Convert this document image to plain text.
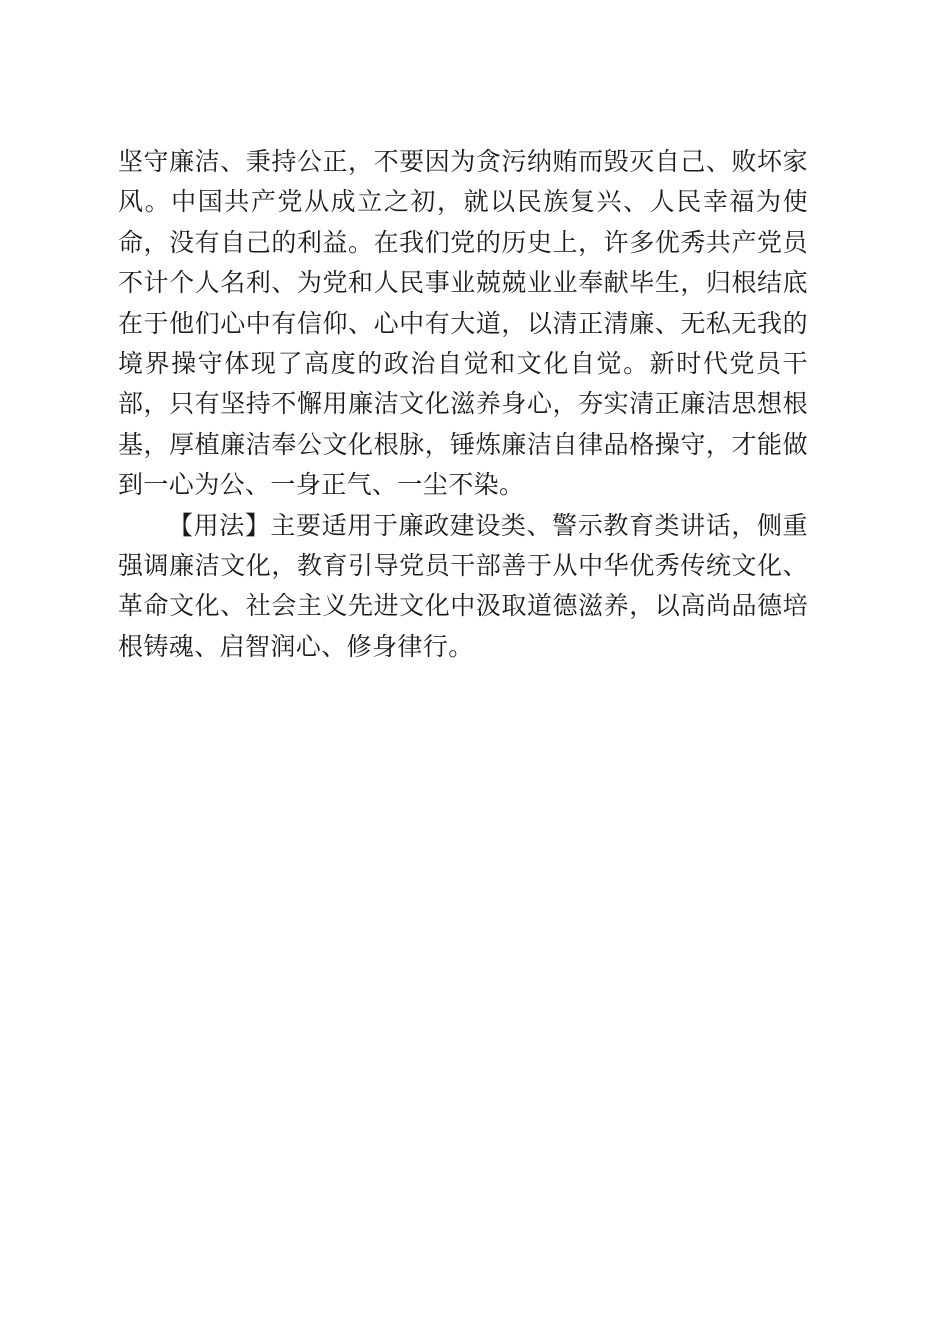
坚守廉洁、秉持公正，不要因为贪污纳贿而毁灭自己、败坏家
风。中国共产党从成立之初，就以民族复兴、人民幸福为使
命，没有自己的利益。在我们党的历史上，许多优秀共产党员
不计个人名利、为党和人民事业兢兢业业奉献毕生，归根结底
在于他们心中有信仰、心中有大道，以清正清廉、无私无我的
境界操守体现了高度的政治自觉和文化自觉。新时代党员干
部，只有坚持不懈用廉洁文化滋养身心，夯实清正廉洁思想根
基，厚植廉洁奉公文化根脉，锤炼廉洁自律品格操守，才能做
到一心为公、一身正气、一尘不染。
【用法】主要适用于廉政建设类、警示教育类讲话，侧重
强调廉洁文化，教育引导党员干部善于从中华优秀传统文化、
革命文化、社会主义先进文化中汲取道德滋养，以高尚品德培
根铸魂、启智润心、修身律行。
